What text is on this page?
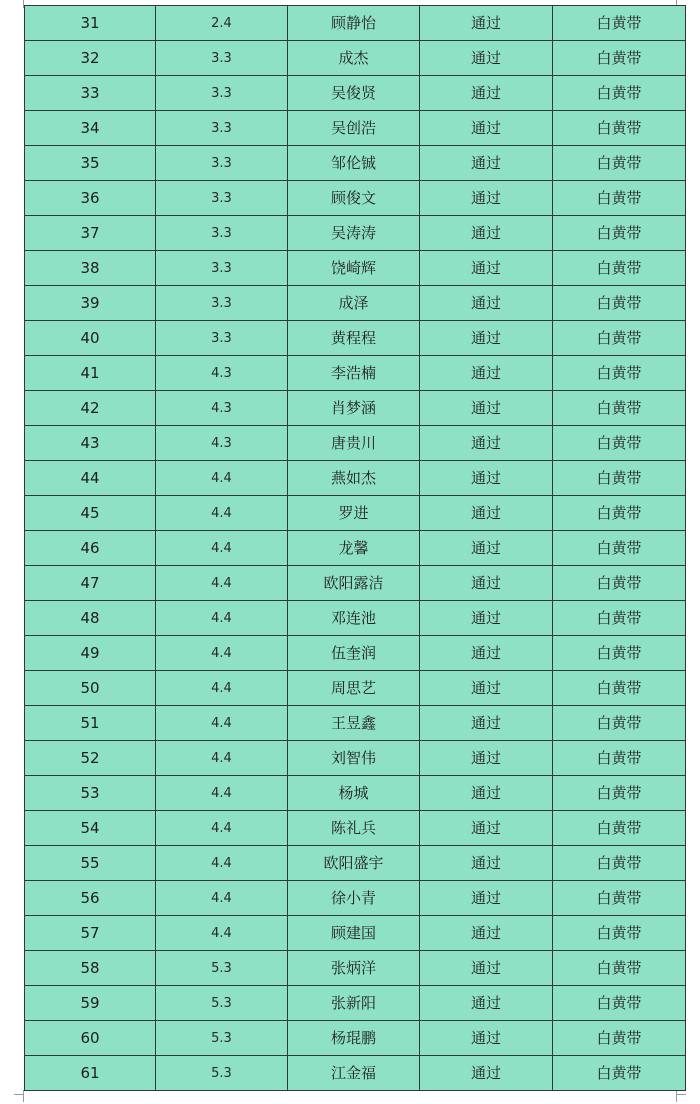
31	2.4	顾静怡	通过	白黄带
32	3.3	成杰	通过	白黄带
33	3.3	吴俊贤	通过	白黄带
34	3.3	吴创浩	通过	白黄带
35	3.3	邹伦铖	通过	白黄带
36	3.3	顾俊文	通过	白黄带
37	3.3	吴涛涛	通过	白黄带
38	3.3	饶崎辉	通过	白黄带
39	3.3	成泽	通过	白黄带
40	3.3	黄程程	通过	白黄带
41	4.3	李浩楠	通过	白黄带
42	4.3	肖梦涵	通过	白黄带
43	4.3	唐贵川	通过	白黄带
44	4.4	燕如杰	通过	白黄带
45	4.4	罗进	通过	白黄带
46	4.4	龙馨	通过	白黄带
47	4.4	欧阳露洁	通过	白黄带
48	4.4	邓连池	通过	白黄带
49	4.4	伍奎润	通过	白黄带
50	4.4	周思艺	通过	白黄带
51	4.4	王昱鑫	通过	白黄带
52	4.4	刘智伟	通过	白黄带
53	4.4	杨城	通过	白黄带
54	4.4	陈礼兵	通过	白黄带
55	4.4	欧阳盛宇	通过	白黄带
56	4.4	徐小青	通过	白黄带
57	4.4	顾建国	通过	白黄带
58	5.3	张炳洋	通过	白黄带
59	5.3	张新阳	通过	白黄带
60	5.3	杨琨鹏	通过	白黄带
61	5.3	江金福	通过	白黄带
